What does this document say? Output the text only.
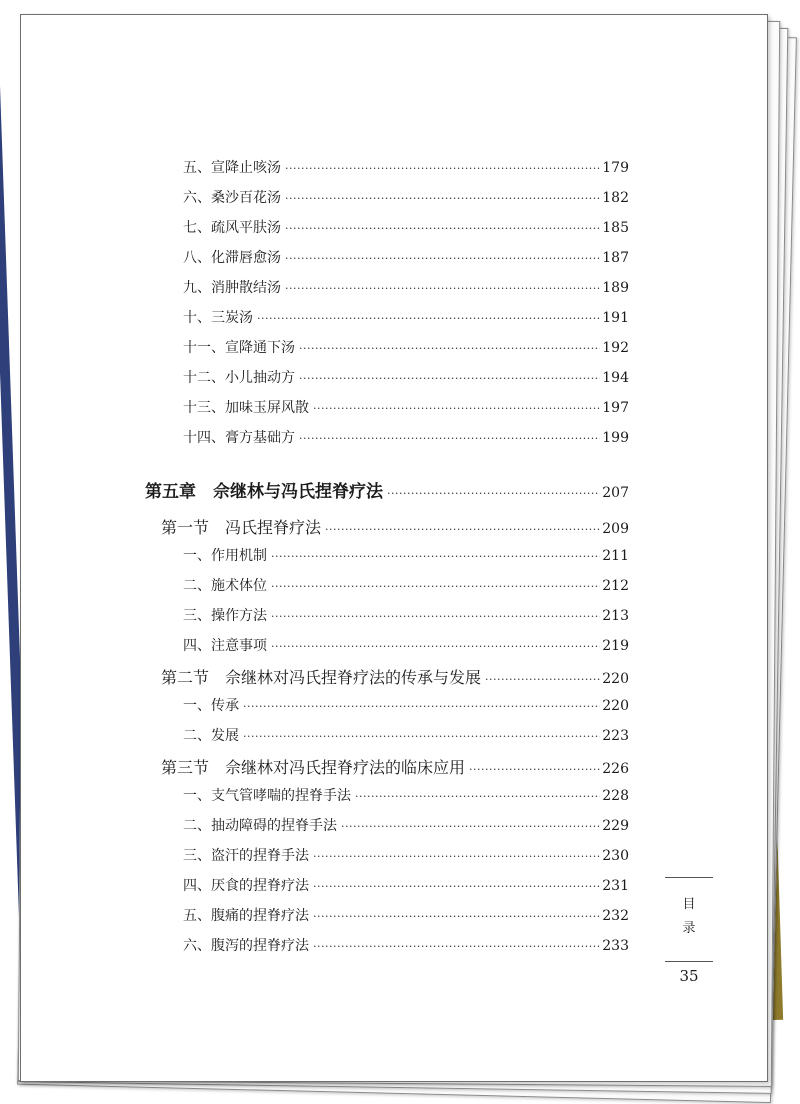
五、宣降止咳汤 ·····	179
六、桑沙百花汤 ·····	182
七、疏风平肤汤 ·····	185
八、化滞唇愈汤 ·····	187
九、消肿散结汤 ·····	189
十、三炭汤 ·····	191
十一、宣降通下汤 ·····	192
十二、小儿抽动方 ·····	194
十三、加味玉屏风散 ·····	197
十四、膏方基础方 ·····	199
第五章　佘继林与冯氏捏脊疗法 ·····	207
第一节　冯氏捏脊疗法 ·····	209
一、作用机制 ·····	211
二、施术体位 ·····	212
三、操作方法 ·····	213
四、注意事项 ·····	219
第二节　佘继林对冯氏捏脊疗法的传承与发展 ·····	220
一、传承 ·····	220
二、发展 ·····	223
第三节　佘继林对冯氏捏脊疗法的临床应用 ·····	226
一、支气管哮喘的捏脊手法 ·····	228
二、抽动障碍的捏脊手法 ·····	229
三、盗汗的捏脊手法 ·····	230
四、厌食的捏脊疗法 ·····	231
五、腹痛的捏脊疗法 ·····	232
六、腹泻的捏脊疗法 ·····	233
目
录
35
